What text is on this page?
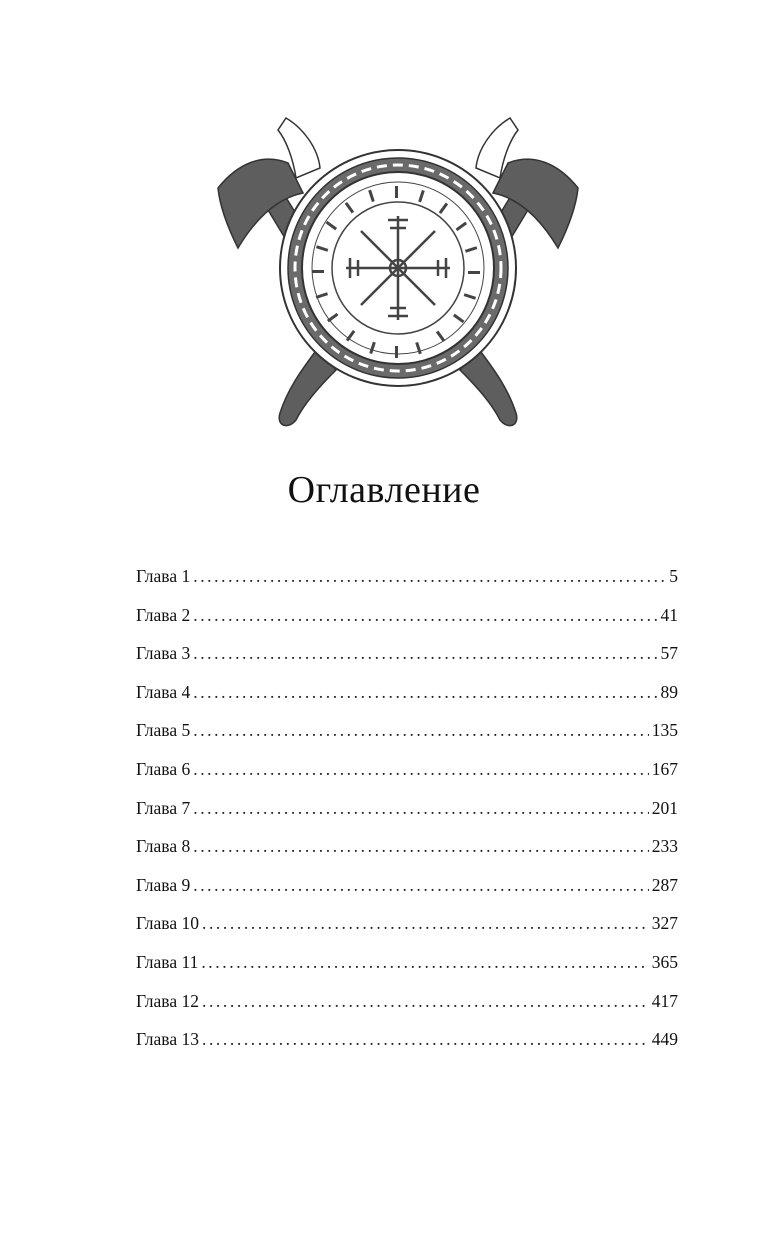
Оглавление
Глава 1 .....	5
Глава 2 .....	41
Глава 3 .....	57
Глава 4 .....	89
Глава 5 .....	135
Глава 6 .....	167
Глава 7 .....	201
Глава 8 .....	233
Глава 9 .....	287
Глава 10 .....	327
Глава 11 .....	365
Глава 12 .....	417
Глава 13 .....	449
